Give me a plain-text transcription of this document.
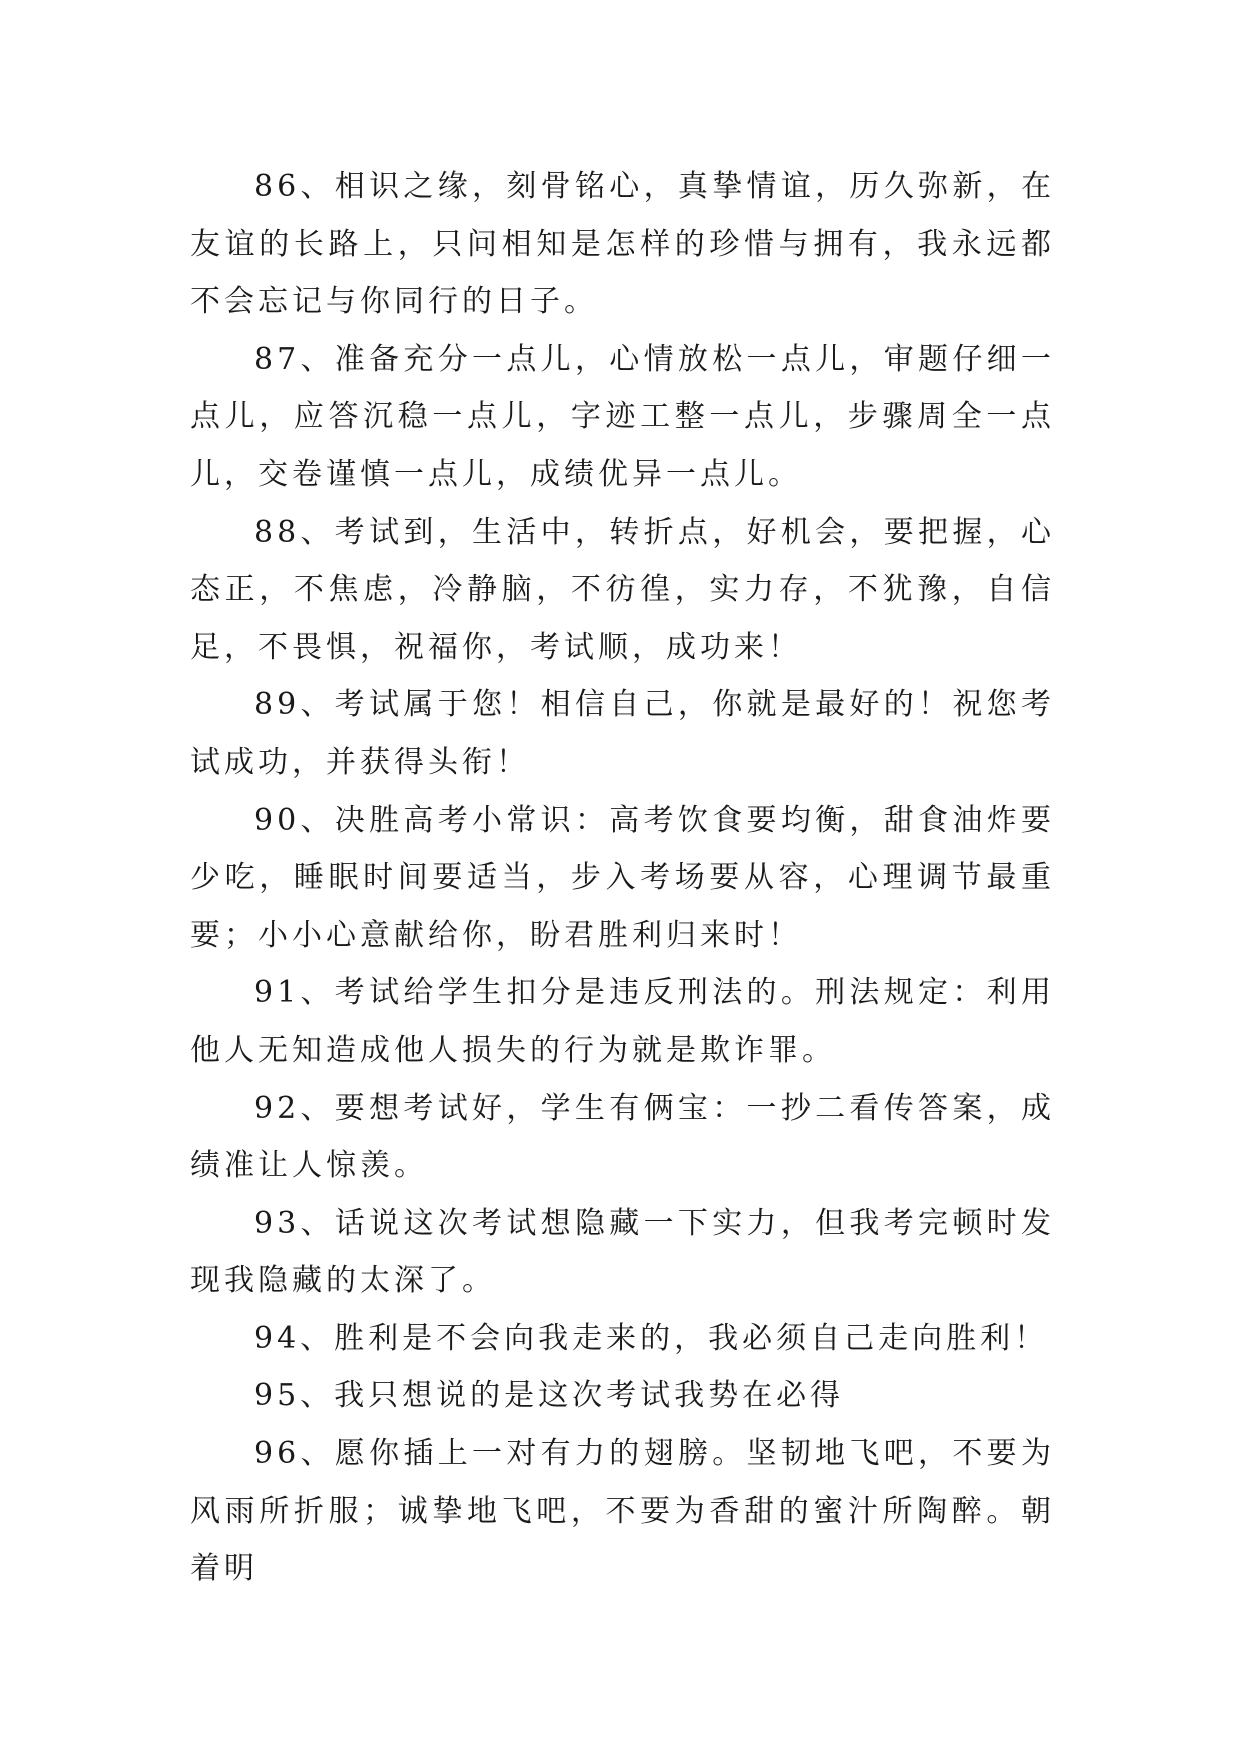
86、相识之缘，刻骨铭心，真挚情谊，历久弥新，在友谊的长路上，只问相知是怎样的珍惜与拥有，我永远都不会忘记与你同行的日子。

87、准备充分一点儿，心情放松一点儿，审题仔细一点儿，应答沉稳一点儿，字迹工整一点儿，步骤周全一点儿，交卷谨慎一点儿，成绩优异一点儿。

88、考试到，生活中，转折点，好机会，要把握，心态正，不焦虑，冷静脑，不彷徨，实力存，不犹豫，自信足，不畏惧，祝福你，考试顺，成功来！

89、考试属于您！相信自己，你就是最好的！祝您考试成功，并获得头衔！

90、决胜高考小常识：高考饮食要均衡，甜食油炸要少吃，睡眠时间要适当，步入考场要从容，心理调节最重要；小小心意献给你，盼君胜利归来时！

91、考试给学生扣分是违反刑法的。刑法规定：利用他人无知造成他人损失的行为就是欺诈罪。

92、要想考试好，学生有俩宝：一抄二看传答案，成绩准让人惊羡。

93、话说这次考试想隐藏一下实力，但我考完顿时发现我隐藏的太深了。

94、胜利是不会向我走来的，我必须自己走向胜利！

95、我只想说的是这次考试我势在必得

96、愿你插上一对有力的翅膀。坚韧地飞吧，不要为风雨所折服；诚挚地飞吧，不要为香甜的蜜汁所陶醉。朝着明
